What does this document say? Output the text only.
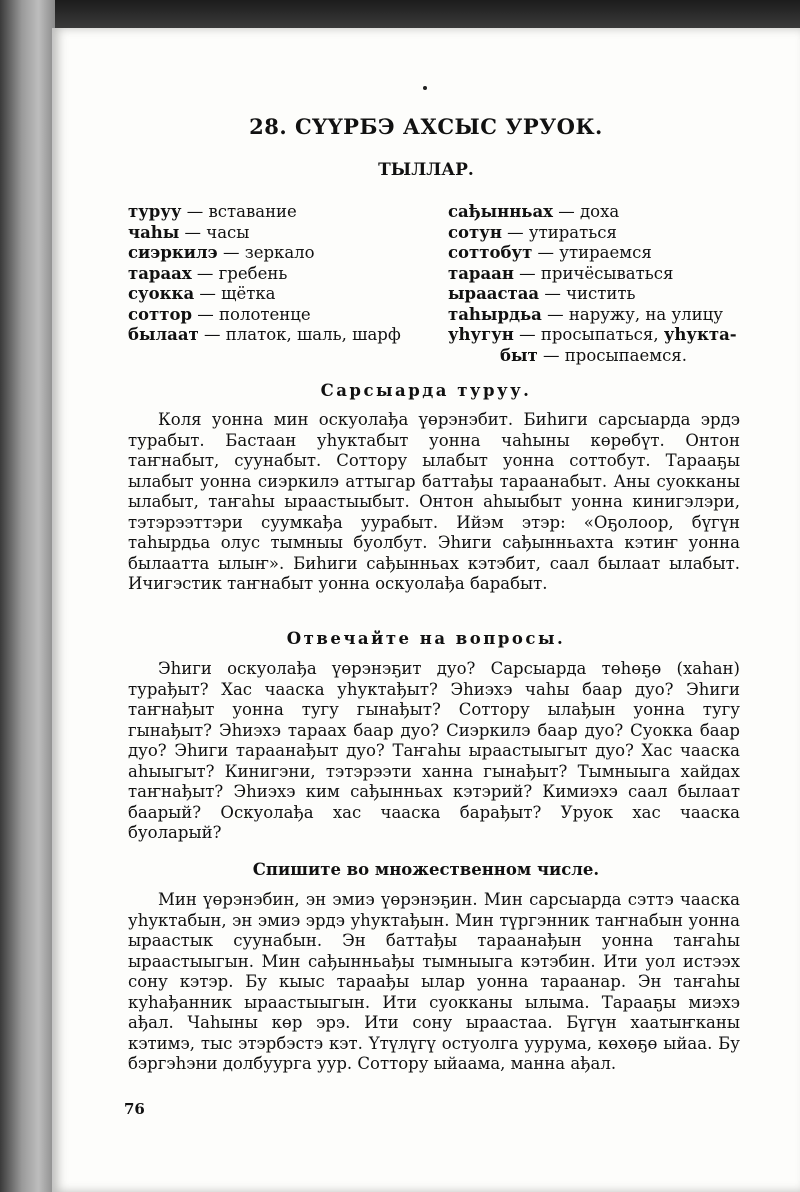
28. СҮҮРБЭ АХСЫС УРУОК.
ТЫЛЛАР.
туруу — вставание
чаһы — часы
сиэркилэ — зеркало
тараах — гребень
суокка — щётка
соттор — полотенце
былаат — платок, шаль, шарф
сађынньах — доха
сотун — утираться
соттобут — утираемся
тараан — причёсываться
ыраастаа — чистить
таһырдьа — наружу, на улицу
уһугун — просыпаться, уһукта-
быт — просыпаемся.
Сарсыарда туруу.
Коля уонна мин оскуолађа үөрэнэбит. Биһиги сарсыарда эрдэ турабыт. Бастаан уһуктабыт уонна чаһыны көрөбүт. Онтон таҥнабыт, суунабыт. Соттору ылабыт уонна соттобут. Тарааҕы ылабыт уонна сиэркилэ аттыгар баттађы тараанабыт. Аны суокканы ылабыт, таҥаһы ыраастыыбыт. Онтон аһыыбыт уонна кинигэлэри, тэтэрээттэри суумкађа уурабыт. Ийэм этэр: «Оҕолоор, бүгүн таһырдьа олус тымныы буолбут. Эһиги сађынньахта кэтиҥ уонна былаатта ылыҥ». Биһиги сађынньах кэтэбит, саал былаат ылабыт. Ичигэстик таҥнабыт уонна оскуолађа барабыт.
Отвечайте на вопросы.
Эһиги оскуолађа үөрэнэҕит дуо? Сарсыарда төһөҕө (хаһан) турађыт? Хас чааска уһуктађыт? Эһиэхэ чаһы баар дуо? Эһиги таҥнађыт уонна тугу гынађыт? Соттору ылађын уонна тугу гынађыт? Эһиэхэ тараах баар дуо? Сиэркилэ баар дуо? Суокка баар дуо? Эһиги тараанађыт дуо? Таҥаһы ыраастыыгыт дуо? Хас чааска аһыыгыт? Кинигэни, тэтэрээти ханна гынађыт? Тымныыга хайдах таҥнађыт? Эһиэхэ ким сађынньах кэтэрий? Кимиэхэ саал былаат баарый? Оскуолађа хас чааска барађыт? Уруок хас чааска буоларый?
Спишите во множественном числе.
Мин үөрэнэбин, эн эмиэ үөрэнэҕин. Мин сарсыарда сэттэ чааска уһуктабын, эн эмиэ эрдэ уһуктађын. Мин түргэнник таҥнабын уонна ыраастык суунабын. Эн баттађы тараанађын уонна таҥаһы ыраастыыгын. Мин сађынньађы тымныыга кэтэбин. Ити уол истээх сону кэтэр. Бу кыыс тараађы ылар уонна тараанар. Эн таҥаһы куһађанник ыраастыыгын. Ити суокканы ылыма. Тарааҕы миэхэ ађал. Чаһыны көр эрэ. Ити сону ыраастаа. Бүгүн хаатыҥканы кэтимэ, тыс этэрбэстэ кэт. Үтүлүгү остуолга уурума, көхөҕө ыйаа. Бу бэргэһэни долбуурга уур. Соттору ыйаама, манна ађал.
76
